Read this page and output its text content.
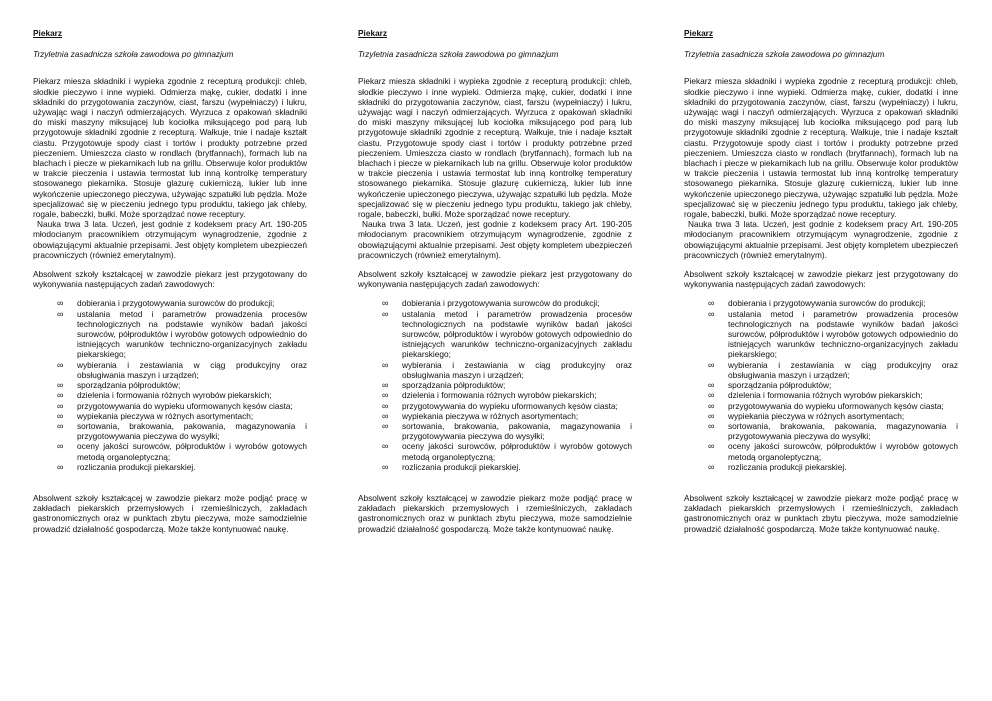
Piekarz
Trzyletnia zasadnicza szkoła zawodowa po gimnazjum

Piekarz miesza składniki i wypieka zgodnie z recepturą produkcji: chleb, słodkie pieczywo i inne wypieki. Odmierza mąkę, cukier, dodatki i inne składniki do przygotowania zaczynów, ciast, farszu (wypełniaczy) i lukru, używając wagi i naczyń odmierzających. Wyrzuca z opakowań składniki do miski maszyny miksującej lub kociołka miksującego pod parą lub przygotowuje składniki zgodnie z recepturą. Wałkuje, tnie i nadaje kształt ciastu. Przygotowuje spody ciast i tortów i produkty potrzebne przed pieczeniem. Umieszcza ciasto w rondlach (brytfannach), formach lub na blachach i piecze w piekarnikach lub na grillu. Obserwuje kolor produktów w trakcie pieczenia i ustawia termostat lub inną kontrolkę temperatury stosowanego piekarnika. Stosuje glazurę cukierniczą, lukier lub inne wykończenie upieczonego pieczywa, używając szpatułki lub pędzla. Może specjalizować się w pieczeniu jednego typu produktu, takiego jak chleby, rogale, babeczki, bułki. Może sporządzać nowe receptury.

Nauka trwa 3 lata. Uczeń, jest godnie z kodeksem pracy Art. 190-205 młodocianym pracownikiem otrzymującym wynagrodzenie, zgodnie z obowiązującymi aktualnie przepisami. Jest objęty kompletem ubezpieczeń pracowniczych (również emerytalnym).

Absolwent szkoły kształcącej w zawodzie piekarz jest przygotowany do wykonywania następujących zadań zawodowych:

∞ dobierania i przygotowywania surowców do produkcji;
∞ ustalania metod i parametrów prowadzenia procesów technologicznych na podstawie wyników badań jakości surowców, półproduktów i wyrobów gotowych odpowiednio do istniejących warunków techniczno-organizacyjnych zakładu piekarskiego;
∞ wybierania i zestawiania w ciąg produkcyjny oraz obsługiwania maszyn i urządzeń;
∞ sporządzania półproduktów;
∞ dzielenia i formowania różnych wyrobów piekarskich;
∞ przygotowywania do wypieku uformowanych kęsów ciasta;
∞ wypiekania pieczywa w różnych asortymentach;
∞ sortowania, brakowania, pakowania, magazynowania i przygotowywania pieczywa do wysyłki;
∞ oceny jakości surowców, półproduktów i wyrobów gotowych metodą organoleptyczną;
∞ rozliczania produkcji piekarskiej.

Absolwent szkoły kształcącej w zawodzie piekarz może podjąć pracę w zakładach piekarskich przemysłowych i rzemieślniczych, zakładach gastronomicznych oraz w punktach zbytu pieczywa, może samodzielnie prowadzić działalność gospodarczą. Może także kontynuować naukę.

Piekarz
Trzyletnia zasadnicza szkoła zawodowa po gimnazjum

Piekarz miesza składniki i wypieka zgodnie z recepturą produkcji: chleb, słodkie pieczywo i inne wypieki. Odmierza mąkę, cukier, dodatki i inne składniki do przygotowania zaczynów, ciast, farszu (wypełniaczy) i lukru, używając wagi i naczyń odmierzających. Wyrzuca z opakowań składniki do miski maszyny miksującej lub kociołka miksującego pod parą lub przygotowuje składniki zgodnie z recepturą. Wałkuje, tnie i nadaje kształt ciastu. Przygotowuje spody ciast i tortów i produkty potrzebne przed pieczeniem. Umieszcza ciasto w rondlach (brytfannach), formach lub na blachach i piecze w piekarnikach lub na grillu. Obserwuje kolor produktów w trakcie pieczenia i ustawia termostat lub inną kontrolkę temperatury stosowanego piekarnika. Stosuje glazurę cukierniczą, lukier lub inne wykończenie upieczonego pieczywa, używając szpatułki lub pędzla. Może specjalizować się w pieczeniu jednego typu produktu, takiego jak chleby, rogale, babeczki, bułki. Może sporządzać nowe receptury.

Nauka trwa 3 lata. Uczeń, jest godnie z kodeksem pracy Art. 190-205 młodocianym pracownikiem otrzymującym wynagrodzenie, zgodnie z obowiązującymi aktualnie przepisami. Jest objęty kompletem ubezpieczeń pracowniczych (również emerytalnym).

Absolwent szkoły kształcącej w zawodzie piekarz jest przygotowany do wykonywania następujących zadań zawodowych:

∞ dobierania i przygotowywania surowców do produkcji;
∞ ustalania metod i parametrów prowadzenia procesów technologicznych na podstawie wyników badań jakości surowców, półproduktów i wyrobów gotowych odpowiednio do istniejących warunków techniczno-organizacyjnych zakładu piekarskiego;
∞ wybierania i zestawiania w ciąg produkcyjny oraz obsługiwania maszyn i urządzeń;
∞ sporządzania półproduktów;
∞ dzielenia i formowania różnych wyrobów piekarskich;
∞ przygotowywania do wypieku uformowanych kęsów ciasta;
∞ wypiekania pieczywa w różnych asortymentach;
∞ sortowania, brakowania, pakowania, magazynowania i przygotowywania pieczywa do wysyłki;
∞ oceny jakości surowców, półproduktów i wyrobów gotowych metodą organoleptyczną;
∞ rozliczania produkcji piekarskiej.

Absolwent szkoły kształcącej w zawodzie piekarz może podjąć pracę w zakładach piekarskich przemysłowych i rzemieślniczych, zakładach gastronomicznych oraz w punktach zbytu pieczywa, może samodzielnie prowadzić działalność gospodarczą. Może także kontynuować naukę.

Piekarz
Trzyletnia zasadnicza szkoła zawodowa po gimnazjum

Piekarz miesza składniki i wypieka zgodnie z recepturą produkcji: chleb, słodkie pieczywo i inne wypieki. Odmierza mąkę, cukier, dodatki i inne składniki do przygotowania zaczynów, ciast, farszu (wypełniaczy) i lukru, używając wagi i naczyń odmierzających. Wyrzuca z opakowań składniki do miski maszyny miksującej lub kociołka miksującego pod parą lub przygotowuje składniki zgodnie z recepturą. Wałkuje, tnie i nadaje kształt ciastu. Przygotowuje spody ciast i tortów i produkty potrzebne przed pieczeniem. Umieszcza ciasto w rondlach (brytfannach), formach lub na blachach i piecze w piekarnikach lub na grillu. Obserwuje kolor produktów w trakcie pieczenia i ustawia termostat lub inną kontrolkę temperatury stosowanego piekarnika. Stosuje glazurę cukierniczą, lukier lub inne wykończenie upieczonego pieczywa, używając szpatułki lub pędzla. Może specjalizować się w pieczeniu jednego typu produktu, takiego jak chleby, rogale, babeczki, bułki. Może sporządzać nowe receptury.

Nauka trwa 3 lata. Uczeń, jest godnie z kodeksem pracy Art. 190-205 młodocianym pracownikiem otrzymującym wynagrodzenie, zgodnie z obowiązującymi aktualnie przepisami. Jest objęty kompletem ubezpieczeń pracowniczych (również emerytalnym).

Absolwent szkoły kształcącej w zawodzie piekarz jest przygotowany do wykonywania następujących zadań zawodowych:

∞ dobierania i przygotowywania surowców do produkcji;
∞ ustalania metod i parametrów prowadzenia procesów technologicznych na podstawie wyników badań jakości surowców, półproduktów i wyrobów gotowych odpowiednio do istniejących warunków techniczno-organizacyjnych zakładu piekarskiego;
∞ wybierania i zestawiania w ciąg produkcyjny oraz obsługiwania maszyn i urządzeń;
∞ sporządzania półproduktów;
∞ dzielenia i formowania różnych wyrobów piekarskich;
∞ przygotowywania do wypieku uformowanych kęsów ciasta;
∞ wypiekania pieczywa w różnych asortymentach;
∞ sortowania, brakowania, pakowania, magazynowania i przygotowywania pieczywa do wysyłki;
∞ oceny jakości surowców, półproduktów i wyrobów gotowych metodą organoleptyczną;
∞ rozliczania produkcji piekarskiej.

Absolwent szkoły kształcącej w zawodzie piekarz może podjąć pracę w zakładach piekarskich przemysłowych i rzemieślniczych, zakładach gastronomicznych oraz w punktach zbytu pieczywa, może samodzielnie prowadzić działalność gospodarczą. Może także kontynuować naukę.
